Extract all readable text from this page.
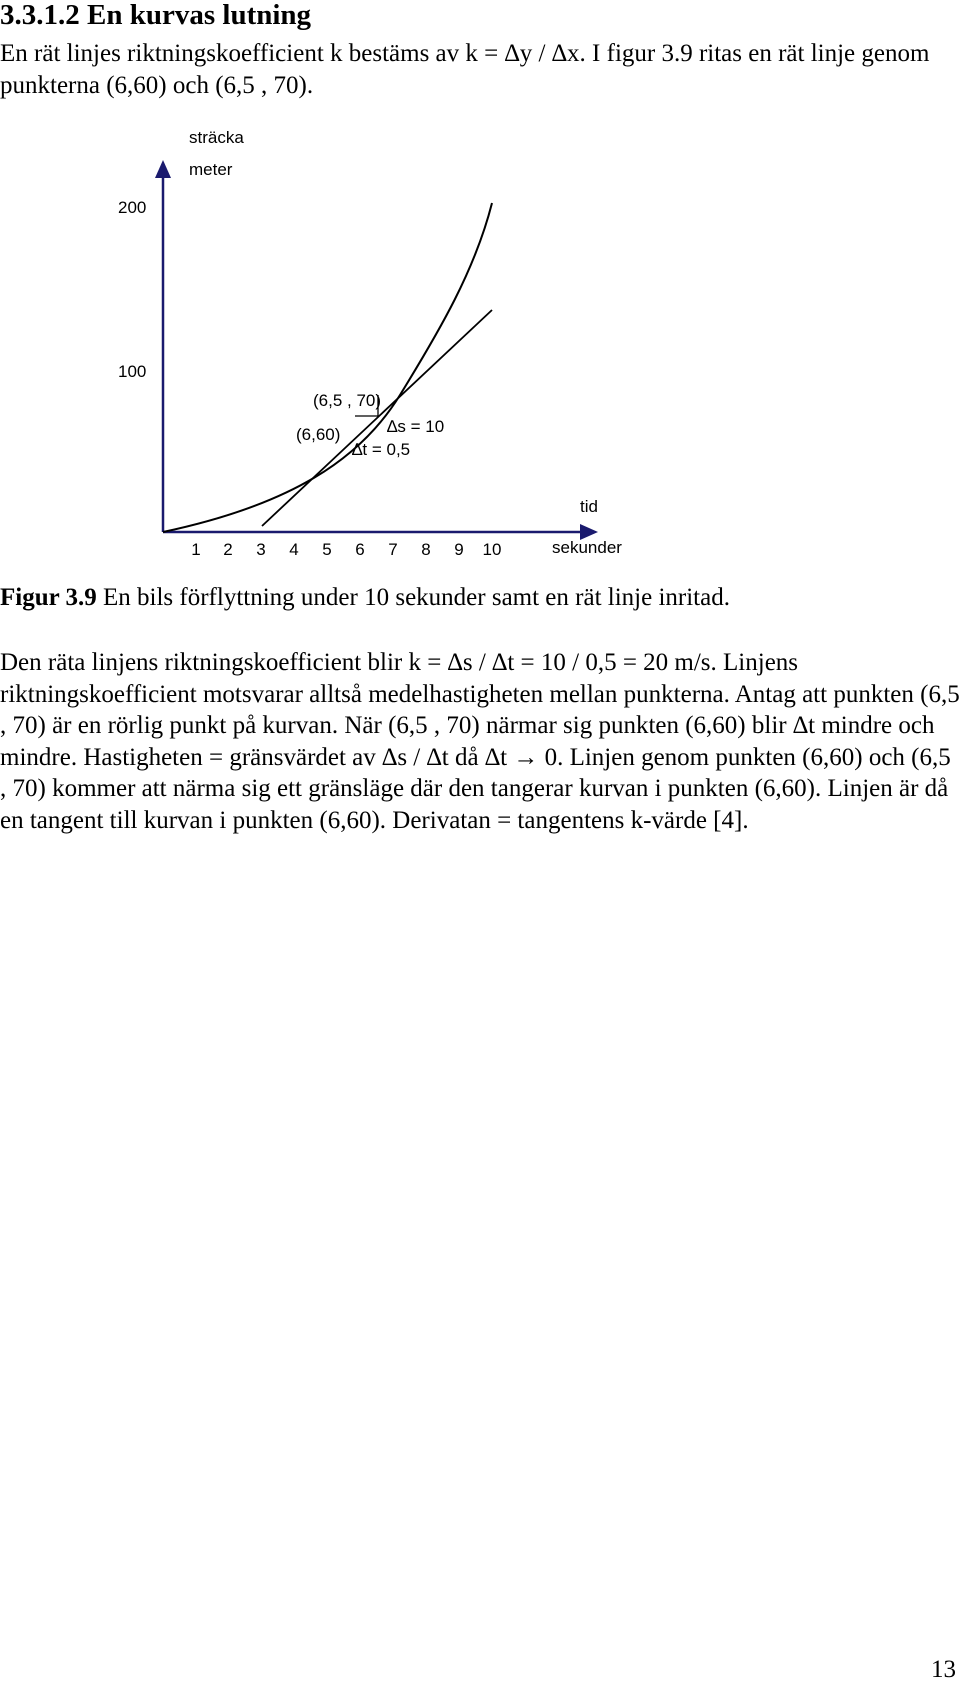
3.3.1.2 En kurvas lutning

En rät linjes riktningskoefficient k bestäms av k = ∆y / ∆x. I figur 3.9 ritas en rät linje genom punkterna (6,60) och (6,5 , 70).

sträcka
meter
200
100
tid
sekunder
1 2 3 4 5 6 7 8 9 10
(6,5 , 70)
(6,60)	∆s = 10
∆t = 0,5

Figur 3.9 En bils förflyttning under 10 sekunder samt en rät linje inritad.

Den räta linjens riktningskoefficient blir k = ∆s / ∆t = 10 / 0,5 = 20 m/s. Linjens riktningskoefficient motsvarar alltså medelhastigheten mellan punkterna. Antag att punkten (6,5 , 70) är en rörlig punkt på kurvan. När (6,5 , 70) närmar sig punkten (6,60) blir ∆t mindre och mindre. Hastigheten = gränsvärdet av ∆s / ∆t då ∆t → 0. Linjen genom punkten (6,60) och (6,5 , 70) kommer att närma sig ett gränsläge där den tangerar kurvan i punkten (6,60). Linjen är då en tangent till kurvan i punkten (6,60). Derivatan = tangentens k-värde [4].

13
